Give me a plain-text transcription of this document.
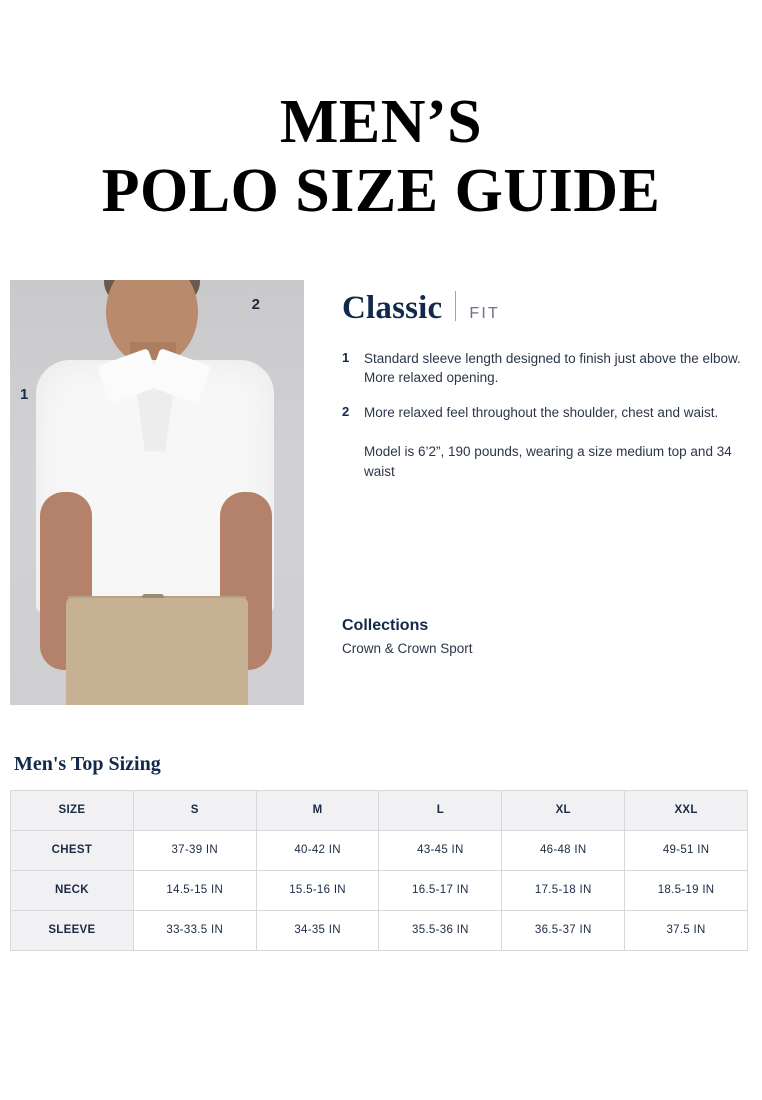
MEN’S
POLO SIZE GUIDE
2
1
Classic FIT
1	Standard sleeve length designed to finish just above the elbow. More relaxed opening.
2	More relaxed feel throughout the shoulder, chest and waist.
Model is 6’2”, 190 pounds, wearing a size medium top and 34 waist
Collections
Crown & Crown Sport
Men's Top Sizing
SIZE	S	M	L	XL	XXL
CHEST	37-39 IN	40-42 IN	43-45 IN	46-48 IN	49-51 IN
NECK	14.5-15 IN	15.5-16 IN	16.5-17 IN	17.5-18 IN	18.5-19 IN
SLEEVE	33-33.5 IN	34-35 IN	35.5-36 IN	36.5-37 IN	37.5 IN
